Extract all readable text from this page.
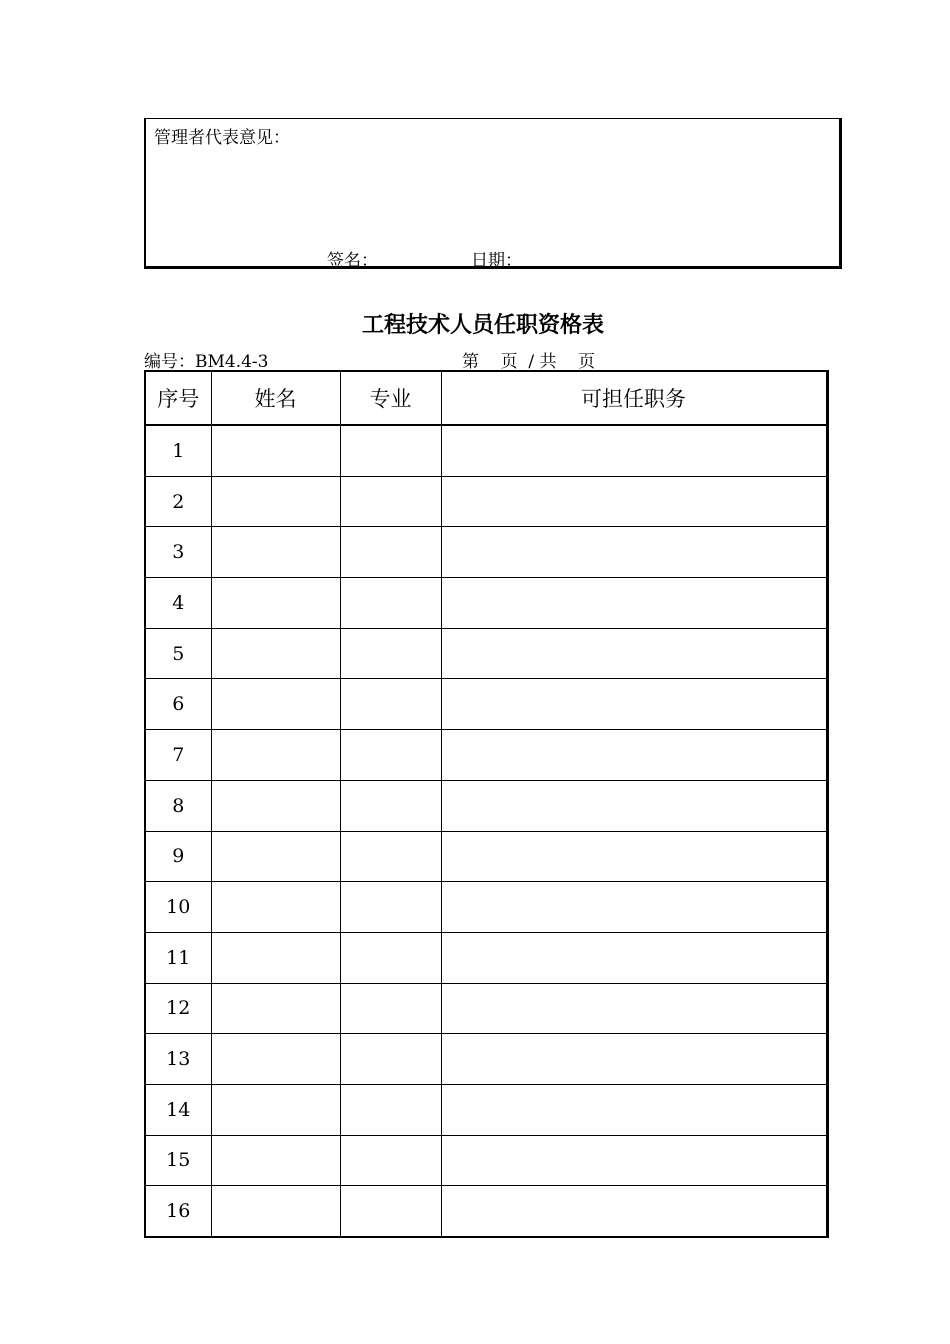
管理者代表意见：
签名：	日期：
工程技术人员任职资格表
编号：BM4.4-3	第    页  / 共    页
序号	姓名	专业	可担任职务
1			
2			
3			
4			
5			
6			
7			
8			
9			
10			
11			
12			
13			
14			
15			
16			
